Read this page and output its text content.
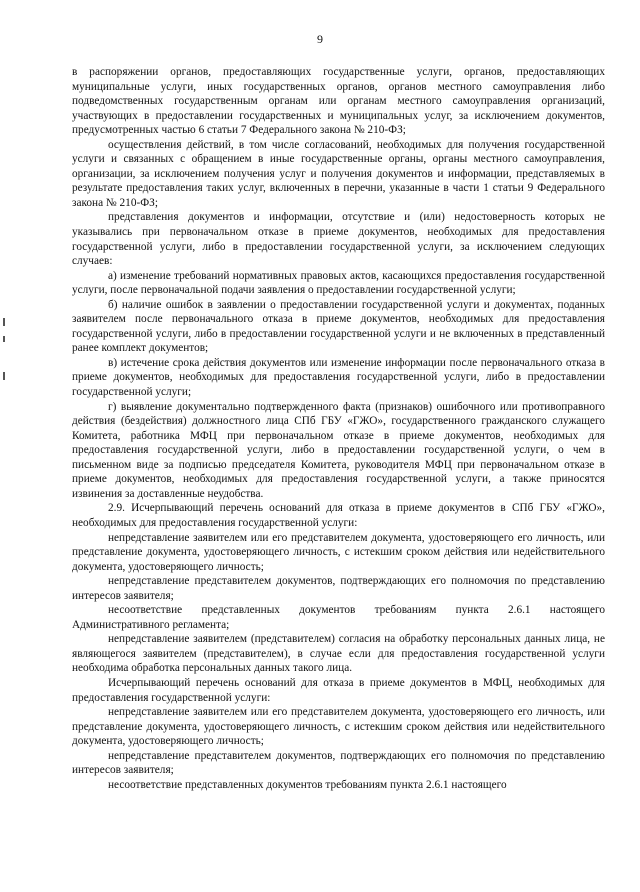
9

в распоряжении органов, предоставляющих государственные услуги, органов, предоставляющих муниципальные услуги, иных государственных органов, органов местного самоуправления либо подведомственных государственным органам или органам местного самоуправления организаций, участвующих в предоставлении государственных и муниципальных услуг, за исключением документов, предусмотренных частью 6 статьи 7 Федерального закона № 210-ФЗ;

осуществления действий, в том числе согласований, необходимых для получения государственной услуги и связанных с обращением в иные государственные органы, органы местного самоуправления, организации, за исключением получения услуг и получения документов и информации, представляемых в результате предоставления таких услуг, включенных в перечни, указанные в части 1 статьи 9 Федерального закона № 210-ФЗ;

представления документов и информации, отсутствие и (или) недостоверность которых не указывались при первоначальном отказе в приеме документов, необходимых для предоставления государственной услуги, либо в предоставлении государственной услуги, за исключением следующих случаев:

а) изменение требований нормативных правовых актов, касающихся предоставления государственной услуги, после первоначальной подачи заявления о предоставлении государственной услуги;

б) наличие ошибок в заявлении о предоставлении государственной услуги и документах, поданных заявителем после первоначального отказа в приеме документов, необходимых для предоставления государственной услуги, либо в предоставлении государственной услуги и не включенных в представленный ранее комплект документов;

в) истечение срока действия документов или изменение информации после первоначального отказа в приеме документов, необходимых для предоставления государственной услуги, либо в предоставлении государственной услуги;

г) выявление документально подтвержденного факта (признаков) ошибочного или противоправного действия (бездействия) должностного лица СПб ГБУ «ГЖО», государственного гражданского служащего Комитета, работника МФЦ при первоначальном отказе в приеме документов, необходимых для предоставления государственной услуги, либо в предоставлении государственной услуги, о чем в письменном виде за подписью председателя Комитета, руководителя МФЦ при первоначальном отказе в приеме документов, необходимых для предоставления государственной услуги, а также приносятся извинения за доставленные неудобства.

2.9. Исчерпывающий перечень оснований для отказа в приеме документов в СПб ГБУ «ГЖО», необходимых для предоставления государственной услуги:

непредставление заявителем или его представителем документа, удостоверяющего его личность, или представление документа, удостоверяющего личность, с истекшим сроком действия или недействительного документа, удостоверяющего личность;

непредставление представителем документов, подтверждающих его полномочия по представлению интересов заявителя;

несоответствие представленных документов требованиям пункта 2.6.1 настоящего Административного регламента;

непредставление заявителем (представителем) согласия на обработку персональных данных лица, не являющегося заявителем (представителем), в случае если для предоставления государственной услуги необходима обработка персональных данных такого лица.

Исчерпывающий перечень оснований для отказа в приеме документов в МФЦ, необходимых для предоставления государственной услуги:

непредставление заявителем или его представителем документа, удостоверяющего его личность, или представление документа, удостоверяющего личность, с истекшим сроком действия или недействительного документа, удостоверяющего личность;

непредставление представителем документов, подтверждающих его полномочия по представлению интересов заявителя;

несоответствие представленных документов требованиям пункта 2.6.1 настоящего
